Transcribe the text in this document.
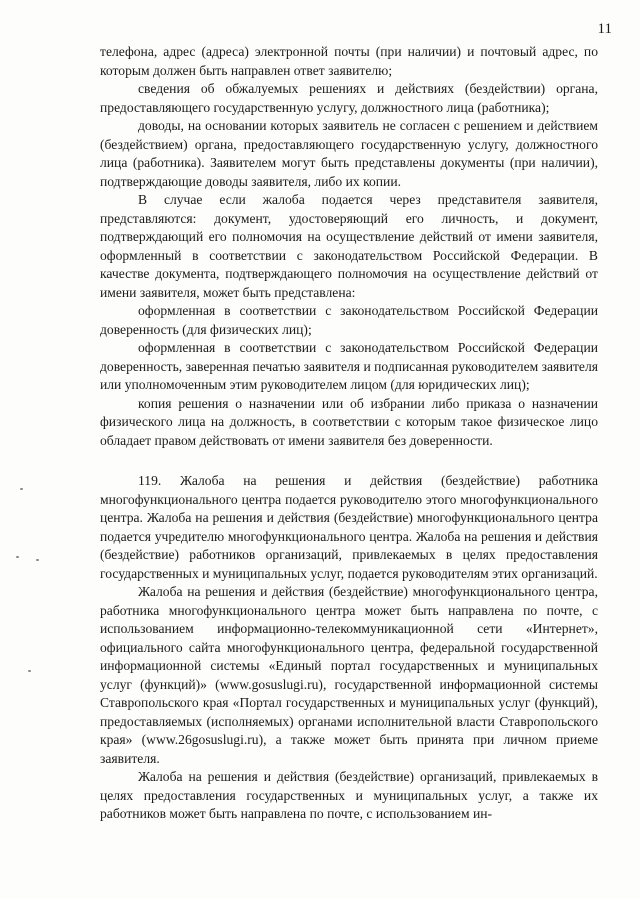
11

телефона, адрес (адреса) электронной почты (при наличии) и почтовый адрес, по которым должен быть направлен ответ заявителю;

сведения об обжалуемых решениях и действиях (бездействии) органа, предоставляющего государственную услугу, должностного лица (работника);

доводы, на основании которых заявитель не согласен с решением и действием (бездействием) органа, предоставляющего государственную услугу, должностного лица (работника). Заявителем могут быть представлены документы (при наличии), подтверждающие доводы заявителя, либо их копии.

В случае если жалоба подается через представителя заявителя, представляются: документ, удостоверяющий его личность, и документ, подтверждающий его полномочия на осуществление действий от имени заявителя, оформленный в соответствии с законодательством Российской Федерации. В качестве документа, подтверждающего полномочия на осуществление действий от имени заявителя, может быть представлена:

оформленная в соответствии с законодательством Российской Федерации доверенность (для физических лиц);

оформленная в соответствии с законодательством Российской Федерации доверенность, заверенная печатью заявителя и подписанная руководителем заявителя или уполномоченным этим руководителем лицом (для юридических лиц);

копия решения о назначении или об избрании либо приказа о назначении физического лица на должность, в соответствии с которым такое физическое лицо обладает правом действовать от имени заявителя без доверенности.

119. Жалоба на решения и действия (бездействие) работника многофункционального центра подается руководителю этого многофункционального центра. Жалоба на решения и действия (бездействие) многофункционального центра подается учредителю многофункционального центра. Жалоба на решения и действия (бездействие) работников организаций, привлекаемых в целях предоставления государственных и муниципальных услуг, подается руководителям этих организаций.

Жалоба на решения и действия (бездействие) многофункционального центра, работника многофункционального центра может быть направлена по почте, с использованием информационно-телекоммуникационной сети «Интернет», официального сайта многофункционального центра, федеральной государственной информационной системы «Единый портал государственных и муниципальных услуг (функций)» (www.gosuslugi.ru), государственной информационной системы Ставропольского края «Портал государственных и муниципальных услуг (функций), предоставляемых (исполняемых) органами исполнительной власти Ставропольского края» (www.26gosuslugi.ru), а также может быть принята при личном приеме заявителя.

Жалоба на решения и действия (бездействие) организаций, привлекаемых в целях предоставления государственных и муниципальных услуг, а также их работников может быть направлена по почте, с использованием ин-
